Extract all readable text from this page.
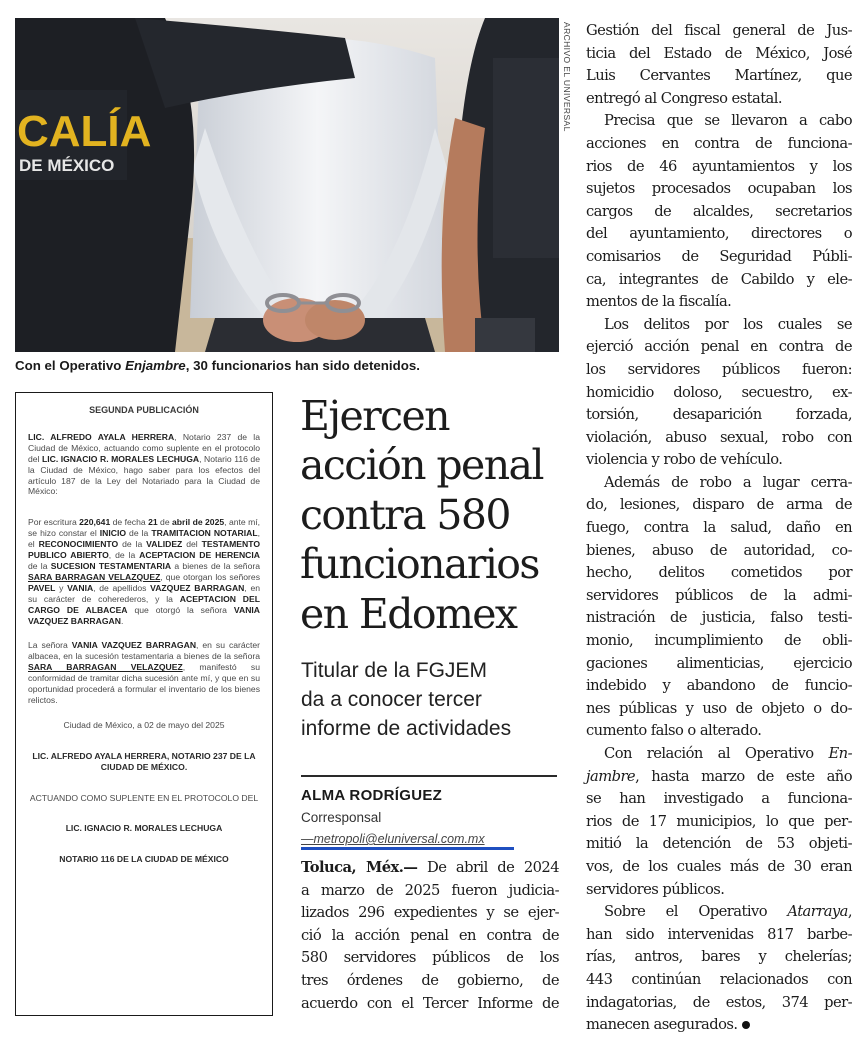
CALÍA
DE MÉXICO
ARCHIVO EL UNIVERSAL
Con el Operativo Enjambre, 30 funcionarios han sido detenidos.
SEGUNDA PUBLICACIÓN

LIC. ALFREDO AYALA HERRERA, Notario 237 de la Ciudad de México, actuando como suplente en el protocolo del LIC. IGNACIO R. MORALES LECHUGA, Notario 116 de la Ciudad de México, hago saber para los efectos del artículo 187 de la Ley del Notariado para la Ciudad de México:

Por escritura 220,641 de fecha 21 de abril de 2025, ante mí, se hizo constar el INICIO de la TRAMITACION NOTARIAL, el RECONOCIMIENTO de la VALIDEZ del TESTAMENTO PUBLICO ABIERTO, de la ACEPTACION DE HERENCIA de la SUCESION TESTAMENTARIA a bienes de la señora SARA BARRAGAN VELAZQUEZ, que otorgan los señores PAVEL y VANIA, de apellidos VAZQUEZ BARRAGAN, en su carácter de coherederos, y la ACEPTACION DEL CARGO DE ALBACEA que otorgó la señora VANIA VAZQUEZ BARRAGAN.

La señora VANIA VAZQUEZ BARRAGAN, en su carácter albacea, en la sucesión testamentaria a bienes de la señora SARA BARRAGAN VELAZQUEZ, manifestó su conformidad de tramitar dicha sucesión ante mí, y que en su oportunidad procederá a formular el inventario de los bienes relictos.

Ciudad de México, a 02 de mayo del 2025

LIC. ALFREDO AYALA HERRERA, NOTARIO 237 DE LA CIUDAD DE MÉXICO.

ACTUANDO COMO SUPLENTE EN EL PROTOCOLO DEL

LIC. IGNACIO R. MORALES LECHUGA

NOTARIO 116 DE LA CIUDAD DE MÉXICO

Ejercen
acción penal
contra 580
funcionarios
en Edomex
Titular de la FGJEM
da a conocer tercer
informe de actividades
ALMA RODRÍGUEZ
Corresponsal
—metropoli@eluniversal.com.mx
Toluca, Méx.— De abril de 2024
a marzo de 2025 fueron judicia-
lizados 296 expedientes y se ejer-
ció la acción penal en contra de
580 servidores públicos de los
tres órdenes de gobierno, de
acuerdo con el Tercer Informe de
Gestión del fiscal general de Jus-
ticia del Estado de México, José
Luis Cervantes Martínez, que
entregó al Congreso estatal.
Precisa que se llevaron a cabo
acciones en contra de funciona-
rios de 46 ayuntamientos y los
sujetos procesados ocupaban los
cargos de alcaldes, secretarios
del ayuntamiento, directores o
comisarios de Seguridad Públi-
ca, integrantes de Cabildo y ele-
mentos de la fiscalía.
Los delitos por los cuales se
ejerció acción penal en contra de
los servidores públicos fueron:
homicidio doloso, secuestro, ex-
torsión, desaparición forzada,
violación, abuso sexual, robo con
violencia y robo de vehículo.
Además de robo a lugar cerra-
do, lesiones, disparo de arma de
fuego, contra la salud, daño en
bienes, abuso de autoridad, co-
hecho, delitos cometidos por
servidores públicos de la admi-
nistración de justicia, falso testi-
monio, incumplimiento de obli-
gaciones alimenticias, ejercicio
indebido y abandono de funcio-
nes públicas y uso de objeto o do-
cumento falso o alterado.
Con relación al Operativo En-
jambre, hasta marzo de este año
se han investigado a funciona-
rios de 17 municipios, lo que per-
mitió la detención de 53 objeti-
vos, de los cuales más de 30 eran
servidores públicos.
Sobre el Operativo Atarraya,
han sido intervenidas 817 barbe-
rías, antros, bares y chelerías;
443 continúan relacionados con
indagatorias, de estos, 374 per-
manecen asegurados.
